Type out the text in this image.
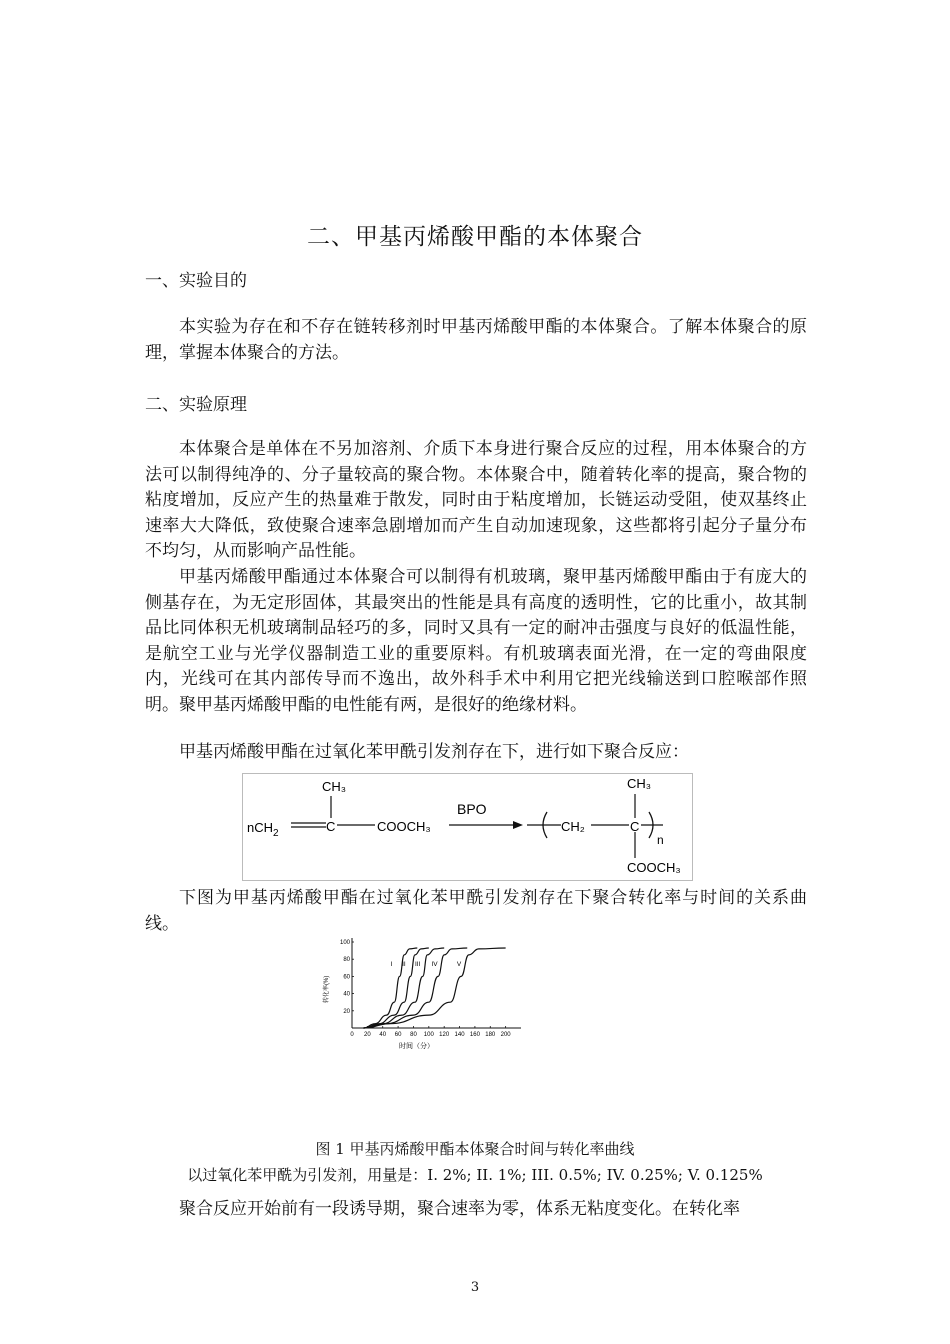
二、甲基丙烯酸甲酯的本体聚合
一、实验目的

本实验为存在和不存在链转移剂时甲基丙烯酸甲酯的本体聚合。了解本体聚合的原理，掌握本体聚合的方法。

二、实验原理

本体聚合是单体在不另加溶剂、介质下本身进行聚合反应的过程，用本体聚合的方法可以制得纯净的、分子量较高的聚合物。本体聚合中，随着转化率的提高，聚合物的粘度增加，反应产生的热量难于散发，同时由于粘度增加，长链运动受阻，使双基终止速率大大降低，致使聚合速率急剧增加而产生自动加速现象，这些都将引起分子量分布不均匀，从而影响产品性能。

甲基丙烯酸甲酯通过本体聚合可以制得有机玻璃，聚甲基丙烯酸甲酯由于有庞大的侧基存在，为无定形固体，其最突出的性能是具有高度的透明性，它的比重小，故其制品比同体积无机玻璃制品轻巧的多，同时又具有一定的耐冲击强度与良好的低温性能，是航空工业与光学仪器制造工业的重要原料。有机玻璃表面光滑，在一定的弯曲限度内，光线可在其内部传导而不逸出，故外科手术中利用它把光线输送到口腔喉部作照明。聚甲基丙烯酸甲酯的电性能有两，是很好的绝缘材料。

甲基丙烯酸甲酯在过氧化苯甲酰引发剂存在下，进行如下聚合反应：

nCH$_2$	C
CH₃
COOCH₃
BPO
CH₂	C
CH₃
COOCH₃
n

下图为甲基丙烯酸甲酯在过氧化苯甲酰引发剂存在下聚合转化率与时间的关系曲线。

0 20 40 60 80 100 120 140 160 180 200
20
40
60
80
100
I II III IV	V
时间（分）
转化率(%)
图 1 甲基丙烯酸甲酯本体聚合时间与转化率曲线
以过氧化苯甲酰为引发剂，用量是：I. 2%; II. 1%; III. 0.5%; IV. 0.25%; V. 0.125%

聚合反应开始前有一段诱导期，聚合速率为零，体系无粘度变化。在转化率

3
